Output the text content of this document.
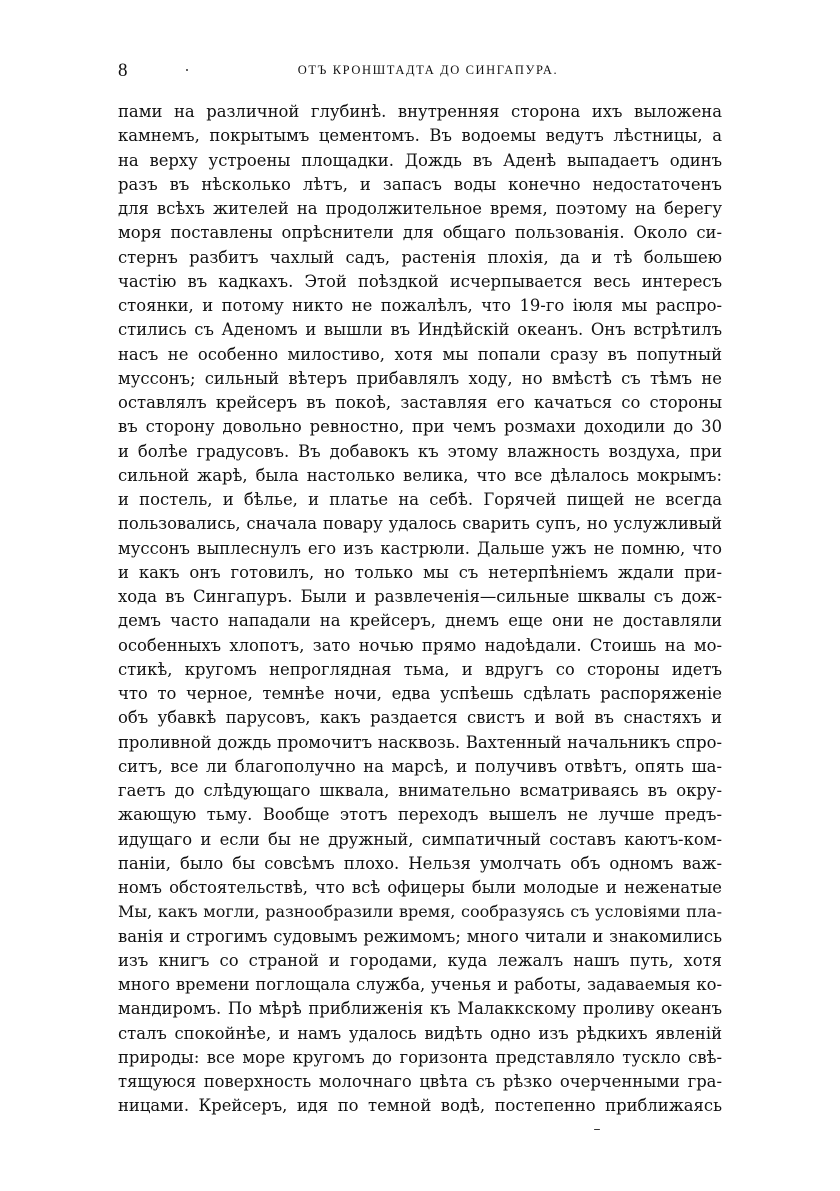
8	ОТЪ КРОНШТАДТА ДО СИНГАПУРА.
пами на различной глубинѣ. внутренняя сторона ихъ выложена
камнемъ, покрытымъ цементомъ. Въ водоемы ведутъ лѣстницы, а
на верху устроены площадки. Дождь въ Аденѣ выпадаетъ одинъ
разъ въ нѣсколько лѣтъ, и запасъ воды конечно недостаточенъ
для всѣхъ жителей на продолжительное время, поэтому на берегу
моря поставлены опрѣснители для общаго пользованія. Около си-
стернъ разбитъ чахлый садъ, растенія плохія, да и тѣ большею
частію въ кадкахъ. Этой поѣздкой исчерпывается весь интересъ
стоянки, и потому никто не пожалѣлъ, что 19-го іюля мы распро-
стились съ Аденомъ и вышли въ Индѣйскій океанъ. Онъ встрѣтилъ
насъ не особенно милостиво, хотя мы попали сразу въ попутный
муссонъ; сильный вѣтеръ прибавлялъ ходу, но вмѣстѣ съ тѣмъ не
оставлялъ крейсеръ въ покоѣ, заставляя его качаться со стороны
въ сторону довольно ревностно, при чемъ розмахи доходили до 30
и болѣе градусовъ. Въ добавокъ къ этому влажность воздуха, при
сильной жарѣ, была настолько велика, что все дѣлалось мокрымъ:
и постель, и бѣлье, и платье на себѣ. Горячей пищей не всегда
пользовались, сначала повару удалось сварить супъ, но услужливый
муссонъ выплеснулъ его изъ кастрюли. Дальше ужъ не помню, что
и какъ онъ готовилъ, но только мы съ нетерпѣніемъ ждали при-
хода въ Сингапуръ. Были и развлеченія—сильные шквалы съ дож-
демъ часто нападали на крейсеръ, днемъ еще они не доставляли
особенныхъ хлопотъ, зато ночью прямо надоѣдали. Стоишь на мо-
стикѣ, кругомъ непроглядная тьма, и вдругъ со стороны идетъ
что то черное, темнѣе ночи, едва успѣешь сдѣлать распоряженіе
объ убавкѣ парусовъ, какъ раздается свистъ и вой въ снастяхъ и
проливной дождь промочитъ насквозь. Вахтенный начальникъ спро-
ситъ, все ли благополучно на марсѣ, и получивъ отвѣтъ, опять ша-
гаетъ до слѣдующаго шквала, внимательно всматриваясь въ окру-
жающую тьму. Вообще этотъ переходъ вышелъ не лучше предъ-
идущаго и если бы не дружный, симпатичный составъ каютъ-ком-
паніи, было бы совсѣмъ плохо. Нельзя умолчать объ одномъ важ-
номъ обстоятельствѣ, что всѣ офицеры были молодые и неженатые
Мы, какъ могли, разнообразили время, сообразуясь съ условіями пла-
ванія и строгимъ судовымъ режимомъ; много читали и знакомились
изъ книгъ со страной и городами, куда лежалъ нашъ путь, хотя
много времени поглощала служба, ученья и работы, задаваемыя ко-
мандиромъ. По мѣрѣ приближенія къ Малаккскому проливу океанъ
сталъ спокойнѣе, и намъ удалось видѣть одно изъ рѣдкихъ явленій
природы: все море кругомъ до горизонта представляло тускло свѣ-
тящуюся поверхность молочнаго цвѣта съ рѣзко очерченными гра-
ницами. Крейсеръ, идя по темной водѣ, постепенно приближаясь
